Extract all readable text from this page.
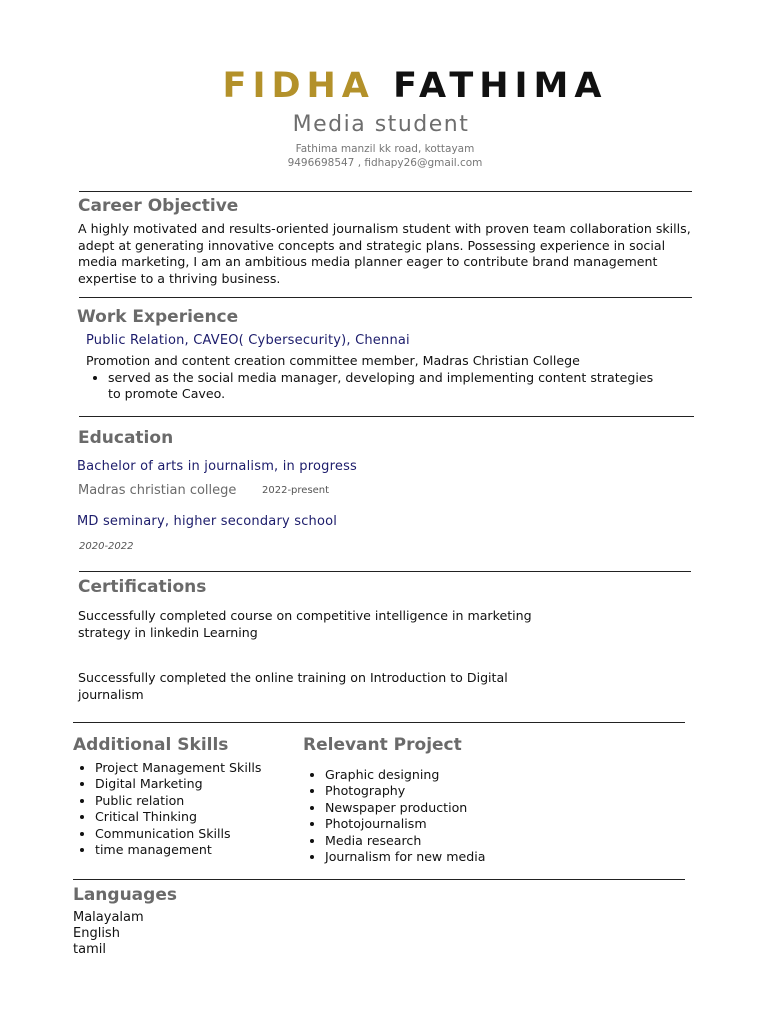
FIDHA FATHIMA
Media student
Fathima manzil kk road, kottayam
9496698547 , fidhapy26@gmail.com
Career Objective
A highly motivated and results-oriented journalism student with proven team collaboration skills, adept at generating innovative concepts and strategic plans. Possessing experience in social media marketing, I am an ambitious media planner eager to contribute brand management expertise to a thriving business.
Work Experience
Public Relation, CAVEO( Cybersecurity), Chennai
Promotion and content creation committee member, Madras Christian College
• served as the social media manager, developing and implementing content strategies to promote Caveo.
Education
Bachelor of arts in journalism, in progress
Madras christian college	2022-present
MD seminary, higher secondary school
2020-2022
Certifications
Successfully completed course on competitive intelligence in marketing strategy in linkedin Learning
Successfully completed the online training on Introduction to Digital journalism
Additional Skills
• Project Management Skills
• Digital Marketing
• Public relation
• Critical Thinking
• Communication Skills
• time management
Relevant Project
• Graphic designing
• Photography
• Newspaper production
• Photojournalism
• Media research
• Journalism for new media
Languages
Malayalam
English
tamil
